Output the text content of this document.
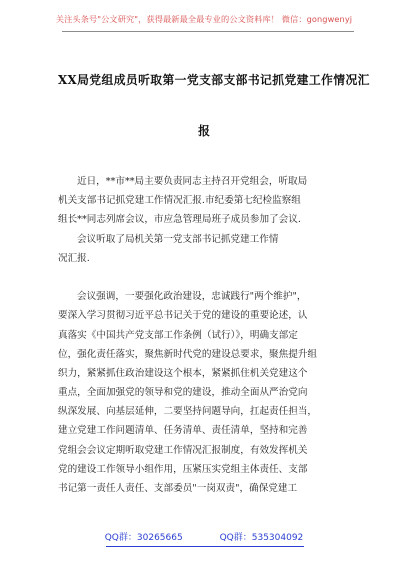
关注头条号"公文研究"，获得最新最全最专业的公文资料库！ 微信：gongwenyj
XX局党组成员听取第一党支部支部书记抓党建工作情况汇
报
近日，**市**局主要负责同志主持召开党组会，听取局
机关支部书记抓党建工作情况汇报.市纪委第七纪检监察组
组长**同志列席会议，市应急管理局班子成员参加了会议.
会议听取了局机关第一党支部书记抓党建工作情
况汇报.
会议强调，一要强化政治建设，忠诚践行"两个维护"，
要深入学习贯彻习近平总书记关于党的建设的重要论述，认
真落实《中国共产党支部工作条例（试行）》，明确支部定
位，强化责任落实，聚焦新时代党的建设总要求，聚焦提升组
织力，紧紧抓住政治建设这个根本，紧紧抓住机关党建这个
重点，全面加强党的领导和党的建设，推动全面从严治党向
纵深发展、向基层延伸，二要坚持问题导向，扛起责任担当，
建立党建工作问题清单、任务清单、责任清单，坚持和完善
党组会会议定期听取党建工作情况汇报制度，有效发挥机关
党的建设工作领导小组作用，压紧压实党组主体责任、支部
书记第一责任人责任、支部委员"一岗双责"，确保党建工
QQ群：30265665	QQ群：535304092
